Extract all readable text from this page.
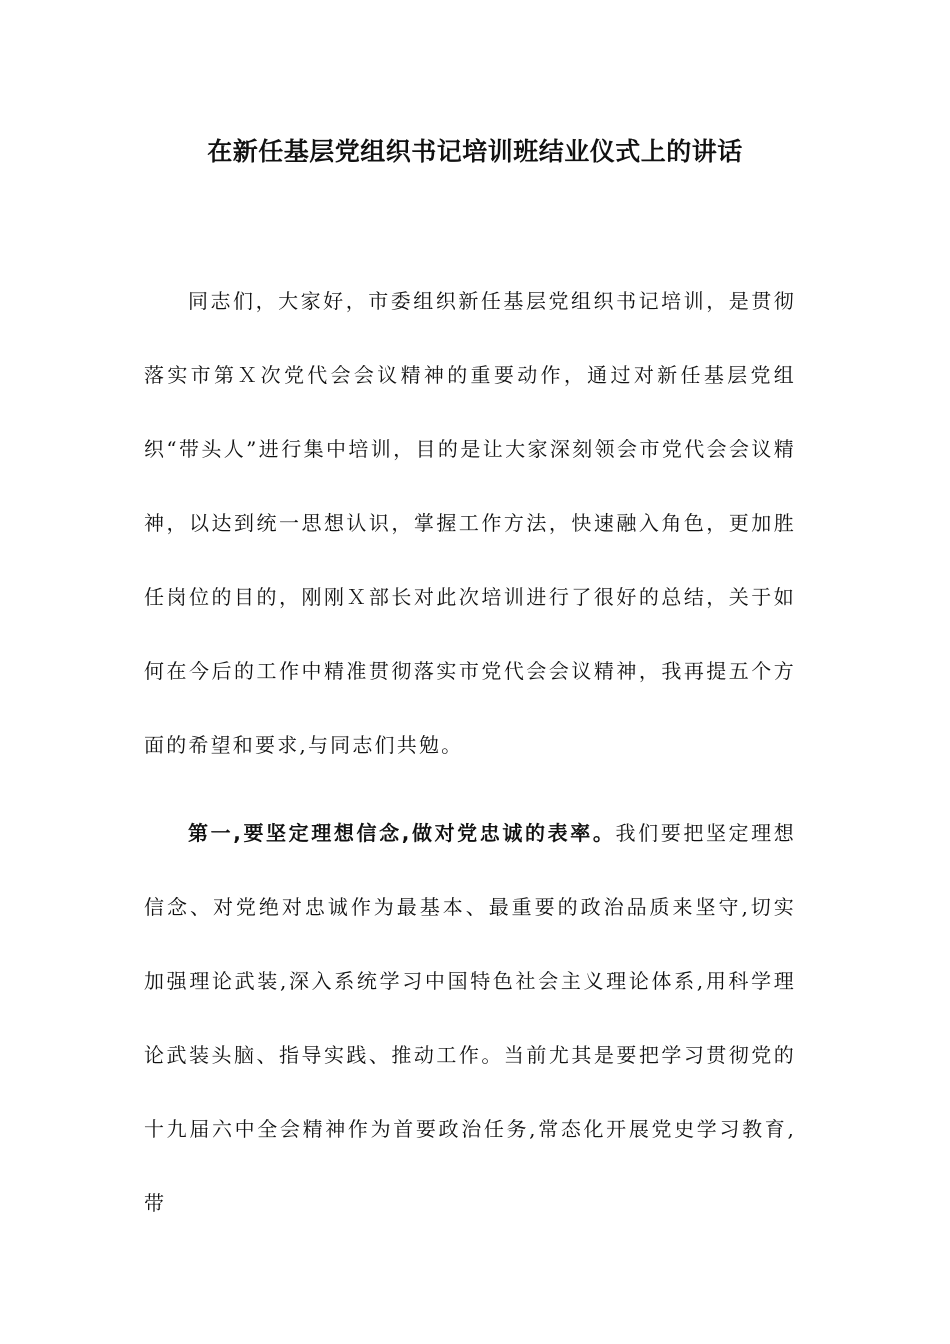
在新任基层党组织书记培训班结业仪式上的讲话

同志们，大家好，市委组织新任基层党组织书记培训，是贯彻落实市第Ｘ次党代会会议精神的重要动作，通过对新任基层党组织“带头人”进行集中培训，目的是让大家深刻领会市党代会会议精神，以达到统一思想认识，掌握工作方法，快速融入角色，更加胜任岗位的目的，刚刚Ｘ部长对此次培训进行了很好的总结，关于如何在今后的工作中精准贯彻落实市党代会会议精神，我再提五个方面的希望和要求,与同志们共勉。

第一,要坚定理想信念,做对党忠诚的表率。我们要把坚定理想信念、对党绝对忠诚作为最基本、最重要的政治品质来坚守,切实加强理论武装,深入系统学习中国特色社会主义理论体系,用科学理论武装头脑、指导实践、推动工作。当前尤其是要把学习贯彻党的十九届六中全会精神作为首要政治任务,常态化开展党史学习教育,带
